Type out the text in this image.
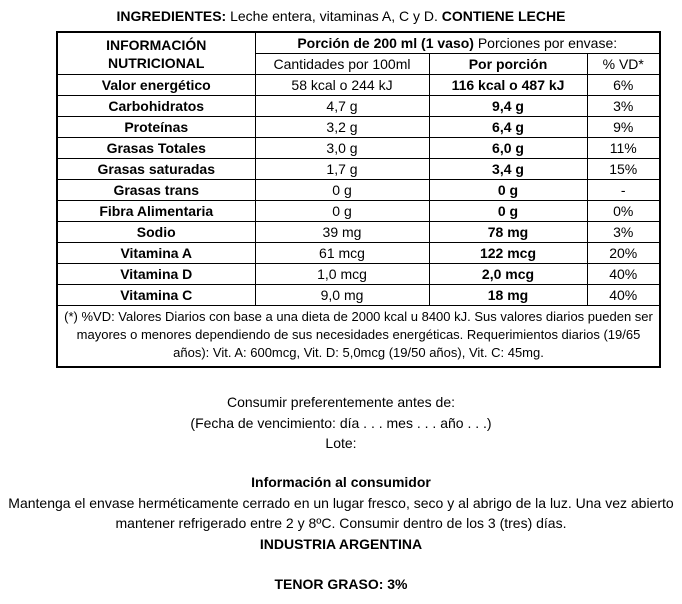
INGREDIENTES: Leche entera, vitaminas A, C y D. CONTIENE LECHE
INFORMACIÓN
NUTRICIONAL	Porción de 200 ml (1 vaso) Porciones por envase:		
	Cantidades por 100ml	Por porción	% VD*
Valor energético	58 kcal o 244 kJ	116 kcal o 487 kJ	6%
Carbohidratos	4,7 g	9,4 g	3%
Proteínas	3,2 g	6,4 g	9%
Grasas Totales	3,0 g	6,0 g	11%
Grasas saturadas	1,7 g	3,4 g	15%
Grasas trans	0 g	0 g	-
Fibra Alimentaria	0 g	0 g	0%
Sodio	39 mg	78 mg	3%
Vitamina A	61 mcg	122 mcg	20%
Vitamina D	1,0 mcg	2,0 mcg	40%
Vitamina C	9,0 mg	18 mg	40%
(*) %VD: Valores Diarios con base a una dieta de 2000 kcal u 8400 kJ. Sus valores diarios pueden ser mayores o menores dependiendo de sus necesidades energéticas. Requerimientos diarios (19/65 años): Vit. A: 600mcg, Vit. D: 5,0mcg (19/50 años), Vit. C: 45mg.			
Consumir preferentemente antes de:
(Fecha de vencimiento: día . . . mes . . . año . . .)
Lote:
Información al consumidor
Mantenga el envase herméticamente cerrado en un lugar fresco, seco y al abrigo de la luz. Una vez abierto mantener refrigerado entre 2 y 8ºC. Consumir dentro de los 3 (tres) días.
INDUSTRIA ARGENTINA
TENOR GRASO: 3%
